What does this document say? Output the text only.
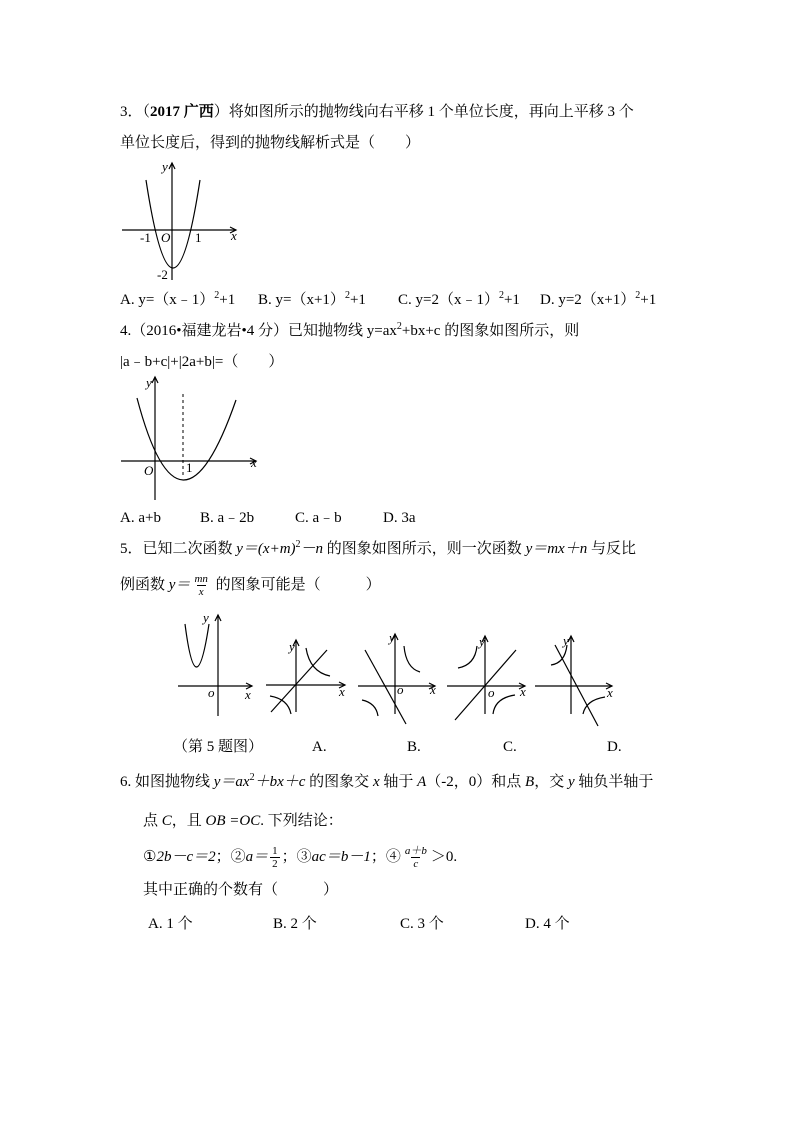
y
x
-1 O 1
-2
y
x
O	1
y
o x
y
x
y
o x
y
o x
y
x
3．（2017 广西）将如图所示的抛物线向右平移 1 个单位长度，再向上平移 3 个
单位长度后，得到的抛物线解析式是（　　）
A. y=（x﹣1）$^2$+1 B. $y=(x+1)^2+1$ C. y=2（x﹣1）$^2$+1 D. $y=2(x+1)^2+1$
4.（2016•福建龙岩•4 分）已知抛物线 $y=ax^2+bx+c$ 的图象如图所示，则
|a﹣b+c|+|2a+b|=（　　）
A. a+b	B. a﹣2b	C. a﹣b	D. 3a
5．已知二次函数 $y=(x+m)^2-n$ 的图象如图所示，则一次函数 y＝mx＋n 与反比
例函数 $y= \frac{mn}{x}$ 的图象可能是（　　　）
（第 5 题图）	A.	B.	C.	D.
6. 如图抛物线 $y=ax^2+bx+c$ 的图象交 x 轴于 A（-2，0）和点 B，交 y 轴负半轴于
点 C，且 OB =OC. 下列结论：
①2b－c＝2；②a＝ $\frac{1}{2}$ ；③ac＝b－1；④ $\frac{a+b}{c} >0$.
其中正确的个数有（　　　）
A. 1 个	B. 2 个	C. 3 个	D. 4 个
